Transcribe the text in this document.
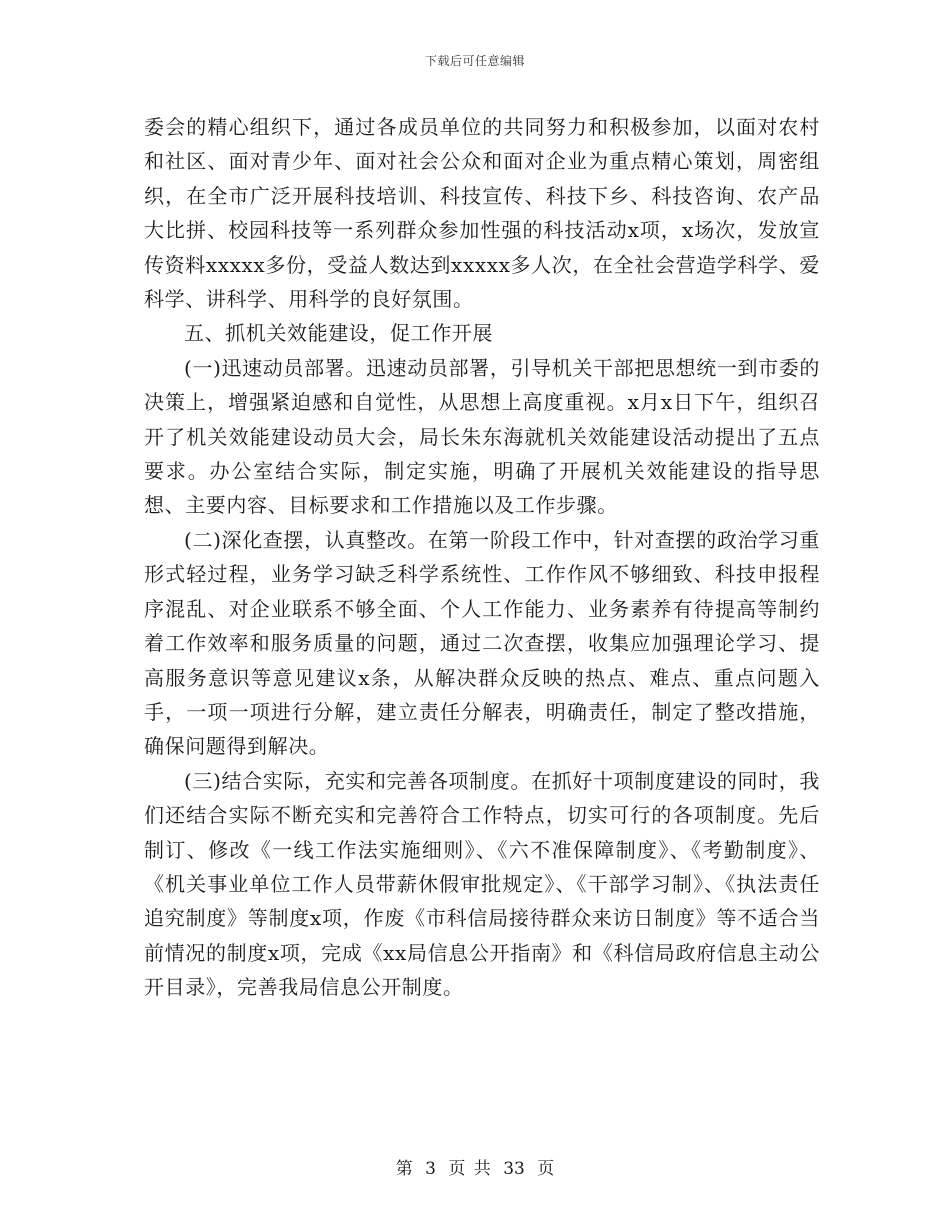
下载后可任意编辑

委会的精心组织下，通过各成员单位的共同努力和积极参加，以面对农村和社区、面对青少年、面对社会公众和面对企业为重点精心策划，周密组织，在全市广泛开展科技培训、科技宣传、科技下乡、科技咨询、农产品大比拼、校园科技等一系列群众参加性强的科技活动x项，x场次，发放宣传资料xxxxx多份，受益人数达到xxxxx多人次，在全社会营造学科学、爱科学、讲科学、用科学的良好氛围。

五、抓机关效能建设，促工作开展

(一)迅速动员部署。迅速动员部署，引导机关干部把思想统一到市委的决策上，增强紧迫感和自觉性，从思想上高度重视。x月x日下午，组织召开了机关效能建设动员大会，局长朱东海就机关效能建设活动提出了五点要求。办公室结合实际，制定实施，明确了开展机关效能建设的指导思想、主要内容、目标要求和工作措施以及工作步骤。

(二)深化查摆，认真整改。在第一阶段工作中，针对查摆的政治学习重形式轻过程，业务学习缺乏科学系统性、工作作风不够细致、科技申报程序混乱、对企业联系不够全面、个人工作能力、业务素养有待提高等制约着工作效率和服务质量的问题，通过二次查摆，收集应加强理论学习、提高服务意识等意见建议x条，从解决群众反映的热点、难点、重点问题入手，一项一项进行分解，建立责任分解表，明确责任，制定了整改措施，确保问题得到解决。

(三)结合实际，充实和完善各项制度。在抓好十项制度建设的同时，我们还结合实际不断充实和完善符合工作特点，切实可行的各项制度。先后制订、修改《一线工作法实施细则》、《六不准保障制度》、《考勤制度》、《机关事业单位工作人员带薪休假审批规定》、《干部学习制》、《执法责任追究制度》等制度x项，作废《市科信局接待群众来访日制度》等不适合当前情况的制度x项，完成《xx局信息公开指南》和《科信局政府信息主动公开目录》，完善我局信息公开制度。

第 3 页 共 33 页
